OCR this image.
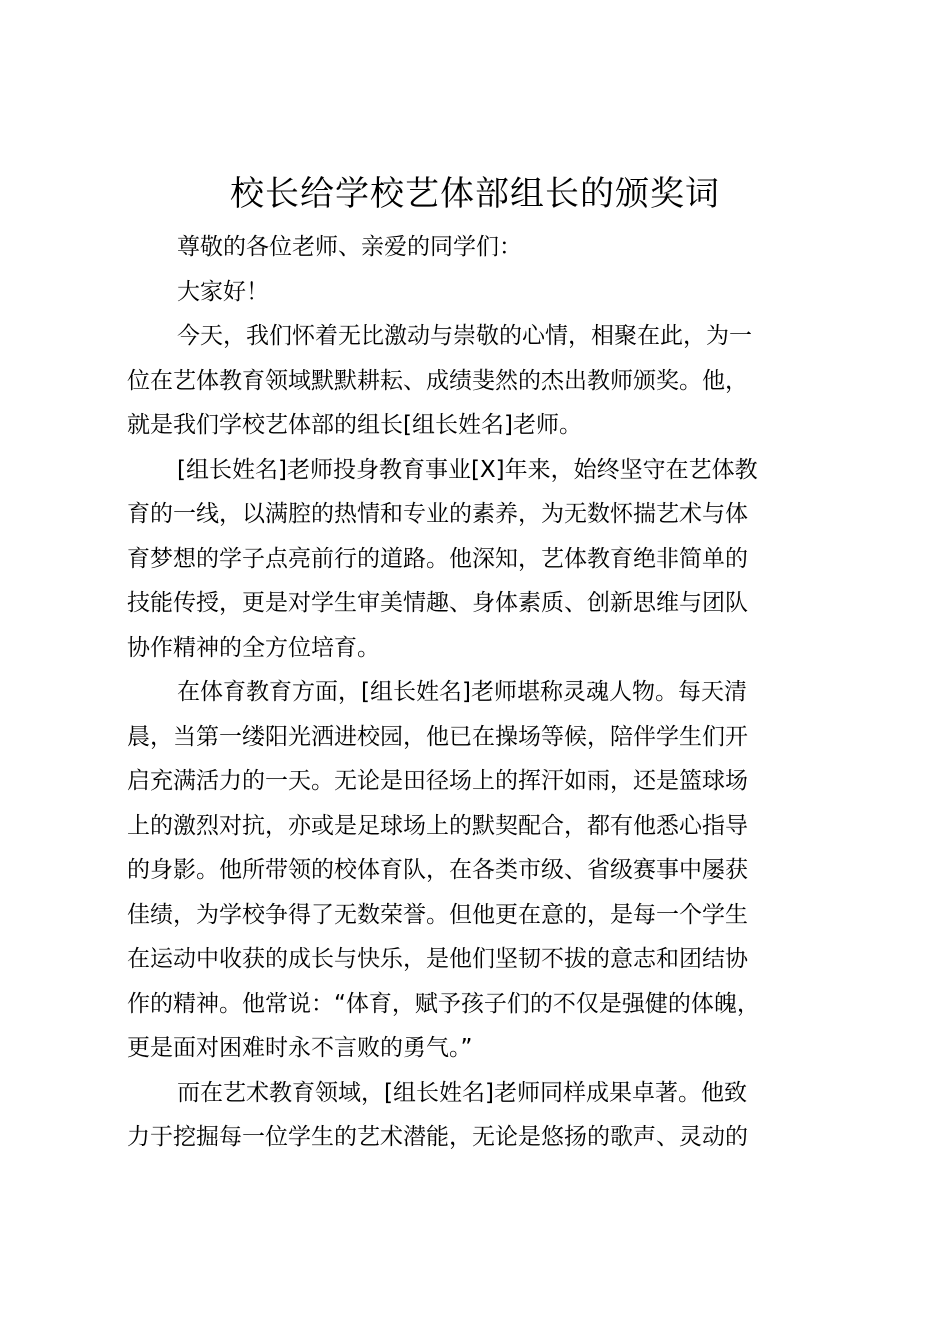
校长给学校艺体部组长的颁奖词
尊敬的各位老师、亲爱的同学们：
大家好！
今天，我们怀着无比激动与崇敬的心情，相聚在此，为一
位在艺体教育领域默默耕耘、成绩斐然的杰出教师颁奖。他，
就是我们学校艺体部的组长[组长姓名]老师。
[组长姓名]老师投身教育事业[X]年来，始终坚守在艺体教
育的一线，以满腔的热情和专业的素养，为无数怀揣艺术与体
育梦想的学子点亮前行的道路。他深知，艺体教育绝非简单的
技能传授，更是对学生审美情趣、身体素质、创新思维与团队
协作精神的全方位培育。
在体育教育方面，[组长姓名]老师堪称灵魂人物。每天清
晨，当第一缕阳光洒进校园，他已在操场等候，陪伴学生们开
启充满活力的一天。无论是田径场上的挥汗如雨，还是篮球场
上的激烈对抗，亦或是足球场上的默契配合，都有他悉心指导
的身影。他所带领的校体育队，在各类市级、省级赛事中屡获
佳绩，为学校争得了无数荣誉。但他更在意的，是每一个学生
在运动中收获的成长与快乐，是他们坚韧不拔的意志和团结协
作的精神。他常说：“体育，赋予孩子们的不仅是强健的体魄，
更是面对困难时永不言败的勇气。”
而在艺术教育领域，[组长姓名]老师同样成果卓著。他致
力于挖掘每一位学生的艺术潜能，无论是悠扬的歌声、灵动的
